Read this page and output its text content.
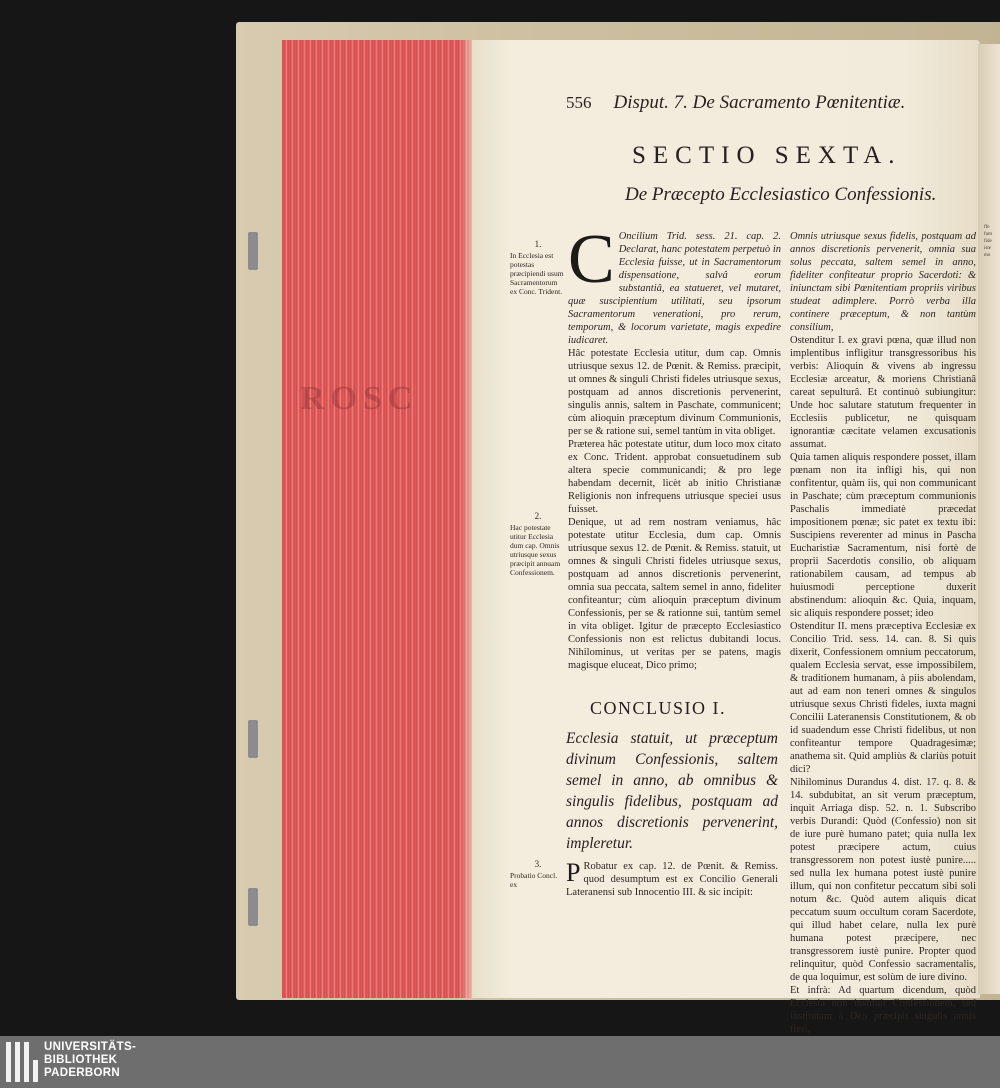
ROSC
ffe
fum
fide
iste
mo
556 Disput. 7. De Sacramento Pœnitentiæ.
SECTIO SEXTA.
De Præcepto Ecclesiastico Confessionis.
1.
In Ecclesia est potestas præcipiendi usum Sacramentorum ex Conc. Trident.
2.
Hac potestate utitur Ecclesia dum cap. Omnis utriusque sexus præcipit annuam Confessionem.
3.
Probatio Concl. ex

C Oncilium Trid. sess. 21. cap. 2. Declarat, hanc potestatem perpetuò in Ecclesia fuisse, ut in Sacramentorum dispensatione, salvâ eorum substantiâ, ea statueret, vel mutaret, quæ suscipientium utilitati, seu ipsorum Sacramentorum venerationi, pro rerum, temporum, & locorum varietate, magis expedire iudicaret.

Hâc potestate Ecclesia utitur, dum cap. Omnis utriusque sexus 12. de Pœnit. & Remiss. præcipit, ut omnes & singuli Christi fideles utriusque sexus, postquam ad annos discretionis pervenerint, singulis annis, saltem in Paschate, communicent; cùm alioquin præceptum divinum Communionis, per se & ratione sui, semel tantùm in vita obliget.

Præterea hâc potestate utitur, dum loco mox citato ex Conc. Trident. approbat consuetudinem sub altera specie communicandi; & pro lege habendam decernit, licèt ab initio Christianæ Religionis non infrequens utriusque speciei usus fuisset.

Denique, ut ad rem nostram veniamus, hâc potestate utitur Ecclesia, dum cap. Omnis utriusque sexus 12. de Pœnit. & Remiss. statuit, ut omnes & singuli Christi fideles utriusque sexus, postquam ad annos discretionis pervenerint, omnia sua peccata, saltem semel in anno, fideliter confiteantur; cùm alioquin præceptum divinum Confessionis, per se & rationne sui, tantùm semel in vita obliget. Igitur de præcepto Ecclesiastico Confessionis non est relictus dubitandi locus. Nihilominus, ut veritas per se patens, magis magisque eluceat, Dico primo;

CONCLUSIO I.
Ecclesia statuit, ut præceptum divinum Confessionis, saltem semel in anno, ab omnibus & singulis fidelibus, postquam ad annos discretionis pervenerint, impleretur.

P Robatur ex cap. 12. de Pœnit. & Remiss. quod desumptum est ex Concilio Generali Lateranensi sub Innocentio III. & sic incipit:

Omnis utriusque sexus fidelis, postquam ad annos discretionis pervenerit, omnia sua solus peccata, saltem semel in anno, fideliter confiteatur proprio Sacerdoti: & iniunctam sibi Pœnitentiam propriis viribus studeat adimplere. Porrò verba illa continere præceptum, & non tantùm consilium,

Ostenditur I. ex gravi pœna, quæ illud non implentibus infligitur transgressoribus his verbis: Alioquin & vivens ab ingressu Ecclesiæ arceatur, & moriens Christianâ careat sepulturâ. Et continuò subiungitur: Unde hoc salutare statutum frequenter in Ecclesiis publicetur, ne quisquam ignorantiæ cæcitate velamen excusationis assumat.

Quia tamen aliquis respondere posset, illam pœnam non ita infligi his, qui non confitentur, quàm iis, qui non communicant in Paschate; cùm præceptum communionis Paschalis immediatè præcedat impositionem pœnæ; sic patet ex textu ibi: Suscipiens reverenter ad minus in Pascha Eucharistiæ Sacramentum, nisi fortè de proprii Sacerdotis consilio, ob aliquam rationabilem causam, ad tempus ab huiusmodi perceptione duxerit abstinendum: alioquin &c. Quia, inquam, sic aliquis respondere posset; ideo

Ostenditur II. mens præceptiva Ecclesiæ ex Concilio Trid. sess. 14. can. 8. Si quis dixerit, Confessionem omnium peccatorum, qualem Ecclesia servat, esse impossibilem, & traditionem humanam, à piis abolendam, aut ad eam non teneri omnes & singulos utriusque sexus Christi fideles, iuxta magni Concilii Lateranensis Constitutionem, & ob id suadendum esse Christi fidelibus, ut non confiteantur tempore Quadragesimæ; anathema sit. Quid ampliùs & clariùs potuit dici?

Nihilominus Durandus 4. dist. 17. q. 8. & 14. subdubitat, an sit verum præceptum, inquit Arriaga disp. 52. n. 1. Subscribo verbis Durandi: Quòd (Confessio) non sit de iure purè humano patet; quia nulla lex potest præcipere actum, cuius transgressorem non potest iustè punire..... sed nulla lex humana potest iustè punire illum, qui non confitetur peccatum sibi soli notum &c. Quòd autem aliquis dicat peccatum suum occultum coram Sacerdote, qui illud habet celare, nulla lex purè humana potest præcipere, nec transgressorem iustè punire. Propter quod relinquitur, quòd Confessio sacramentalis, de qua loquimur, est solùm de iure divino.

Et infrà: Ad quartum dicendum, quòd Ecclesia non instituit Confessionem, sed institutam à Deo præcipit singulis annis fieri,

UNIVERSITÄTS-
BIBLIOTHEK
PADERBORN
